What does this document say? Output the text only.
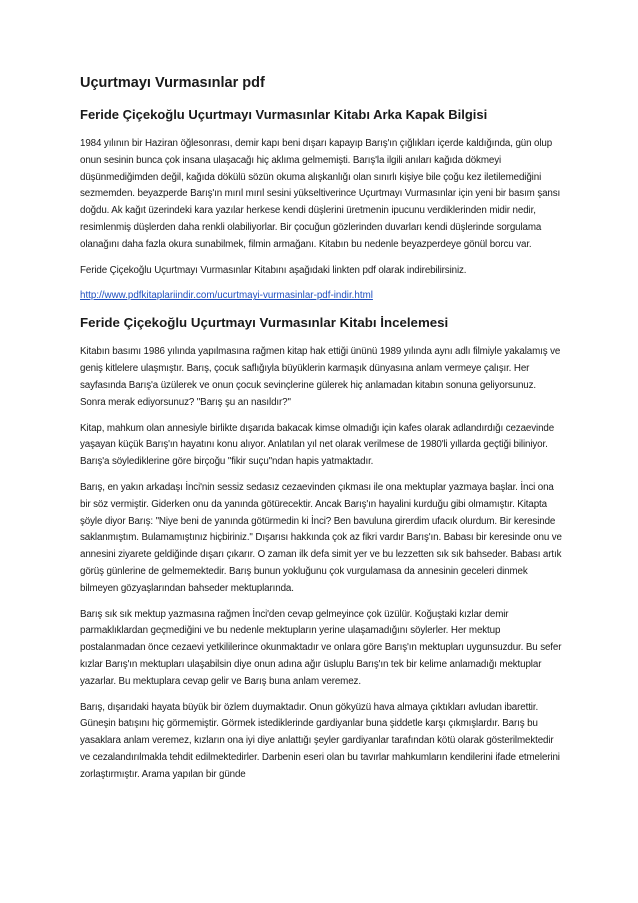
Uçurtmayı Vurmasınlar pdf
Feride Çiçekoğlu Uçurtmayı Vurmasınlar Kitabı Arka Kapak Bilgisi
1984 yılının bir Haziran öğlesonrası, demir kapı beni dışarı kapayıp Barış'ın çığlıkları içerde kaldığında, gün olup onun sesinin bunca çok insana ulaşacağı hiç aklıma gelmemişti. Barış'la ilgili anıları kağıda dökmeyi düşünmediğimden değil, kağıda dökülü sözün okuma alışkanlığı olan sınırlı kişiye bile çoğu kez iletilemediğini sezmemden. beyazperde Barış'ın mırıl mırıl sesini yükseltiverince Uçurtmayı Vurmasınlar için yeni bir basım şansı doğdu. Ak kağıt üzerindeki kara yazılar herkese kendi düşlerini üretmenin ipucunu verdiklerinden midir nedir, resimlenmiş düşlerden daha renkli olabiliyorlar. Bir çocuğun gözlerinden duvarları kendi düşlerinde sorgulama olanağını daha fazla okura sunabilmek, filmin armağanı. Kitabın bu nedenle beyazperdeye gönül borcu var.
Feride Çiçekoğlu Uçurtmayı Vurmasınlar Kitabını aşağıdaki linkten pdf olarak indirebilirsiniz.
http://www.pdfkitaplariindir.com/ucurtmayi-vurmasinlar-pdf-indir.html
Feride Çiçekoğlu Uçurtmayı Vurmasınlar Kitabı İncelemesi
Kitabın basımı 1986 yılında yapılmasına rağmen kitap hak ettiği ününü 1989 yılında aynı adlı filmiyle yakalamış ve geniş kitlelere ulaşmıştır. Barış, çocuk saflığıyla büyüklerin karmaşık dünyasına anlam vermeye çalışır. Her sayfasında Barış'a üzülerek ve onun çocuk sevinçlerine gülerek hiç anlamadan kitabın sonuna geliyorsunuz. Sonra merak ediyorsunuz? "Barış şu an nasıldır?"
Kitap, mahkum olan annesiyle birlikte dışarıda bakacak kimse olmadığı için kafes olarak adlandırdığı cezaevinde yaşayan küçük Barış'ın hayatını konu alıyor. Anlatılan yıl net olarak verilmese de 1980'li yıllarda geçtiği biliniyor. Barış'a söylediklerine göre birçoğu "fikir suçu"ndan hapis yatmaktadır.
Barış, en yakın arkadaşı İnci'nin sessiz sedasız cezaevinden çıkması ile ona mektuplar yazmaya başlar. İnci ona bir söz vermiştir. Giderken onu da yanında götürecektir. Ancak Barış'ın hayalini kurduğu gibi olmamıştır. Kitapta şöyle diyor Barış: "Niye beni de yanında götürmedin ki İnci? Ben bavuluna girerdim ufacık olurdum. Bir keresinde saklanmıştım. Bulamamıştınız hiçbiriniz." Dışarısı hakkında çok az fikri vardır Barış'ın. Babası bir keresinde onu ve annesini ziyarete geldiğinde dışarı çıkarır. O zaman ilk defa simit yer ve bu lezzetten sık sık bahseder. Babası artık görüş günlerine de gelmemektedir. Barış bunun yokluğunu çok vurgulamasa da annesinin geceleri dinmek bilmeyen gözyaşlarından bahseder mektuplarında.
Barış sık sık mektup yazmasına rağmen İnci'den cevap gelmeyince çok üzülür. Koğuştaki kızlar demir parmaklıklardan geçmediğini ve bu nedenle mektupların yerine ulaşamadığını söylerler. Her mektup postalanmadan önce cezaevi yetkililerince okunmaktadır ve onlara göre Barış'ın mektupları uygunsuzdur. Bu sefer kızlar Barış'ın mektupları ulaşabilsin diye onun adına ağır üsluplu Barış'ın tek bir kelime anlamadığı mektuplar yazarlar. Bu mektuplara cevap gelir ve Barış buna anlam veremez.
Barış, dışarıdaki hayata büyük bir özlem duymaktadır. Onun gökyüzü hava almaya çıktıkları avludan ibarettir. Güneşin batışını hiç görmemiştir. Görmek istediklerinde gardiyanlar buna şiddetle karşı çıkmışlardır. Barış bu yasaklara anlam veremez, kızların ona iyi diye anlattığı şeyler gardiyanlar tarafından kötü olarak gösterilmektedir ve cezalandırılmakla tehdit edilmektedirler. Darbenin eseri olan bu tavırlar mahkumların kendilerini ifade etmelerini zorlaştırmıştır. Arama yapılan bir günde
